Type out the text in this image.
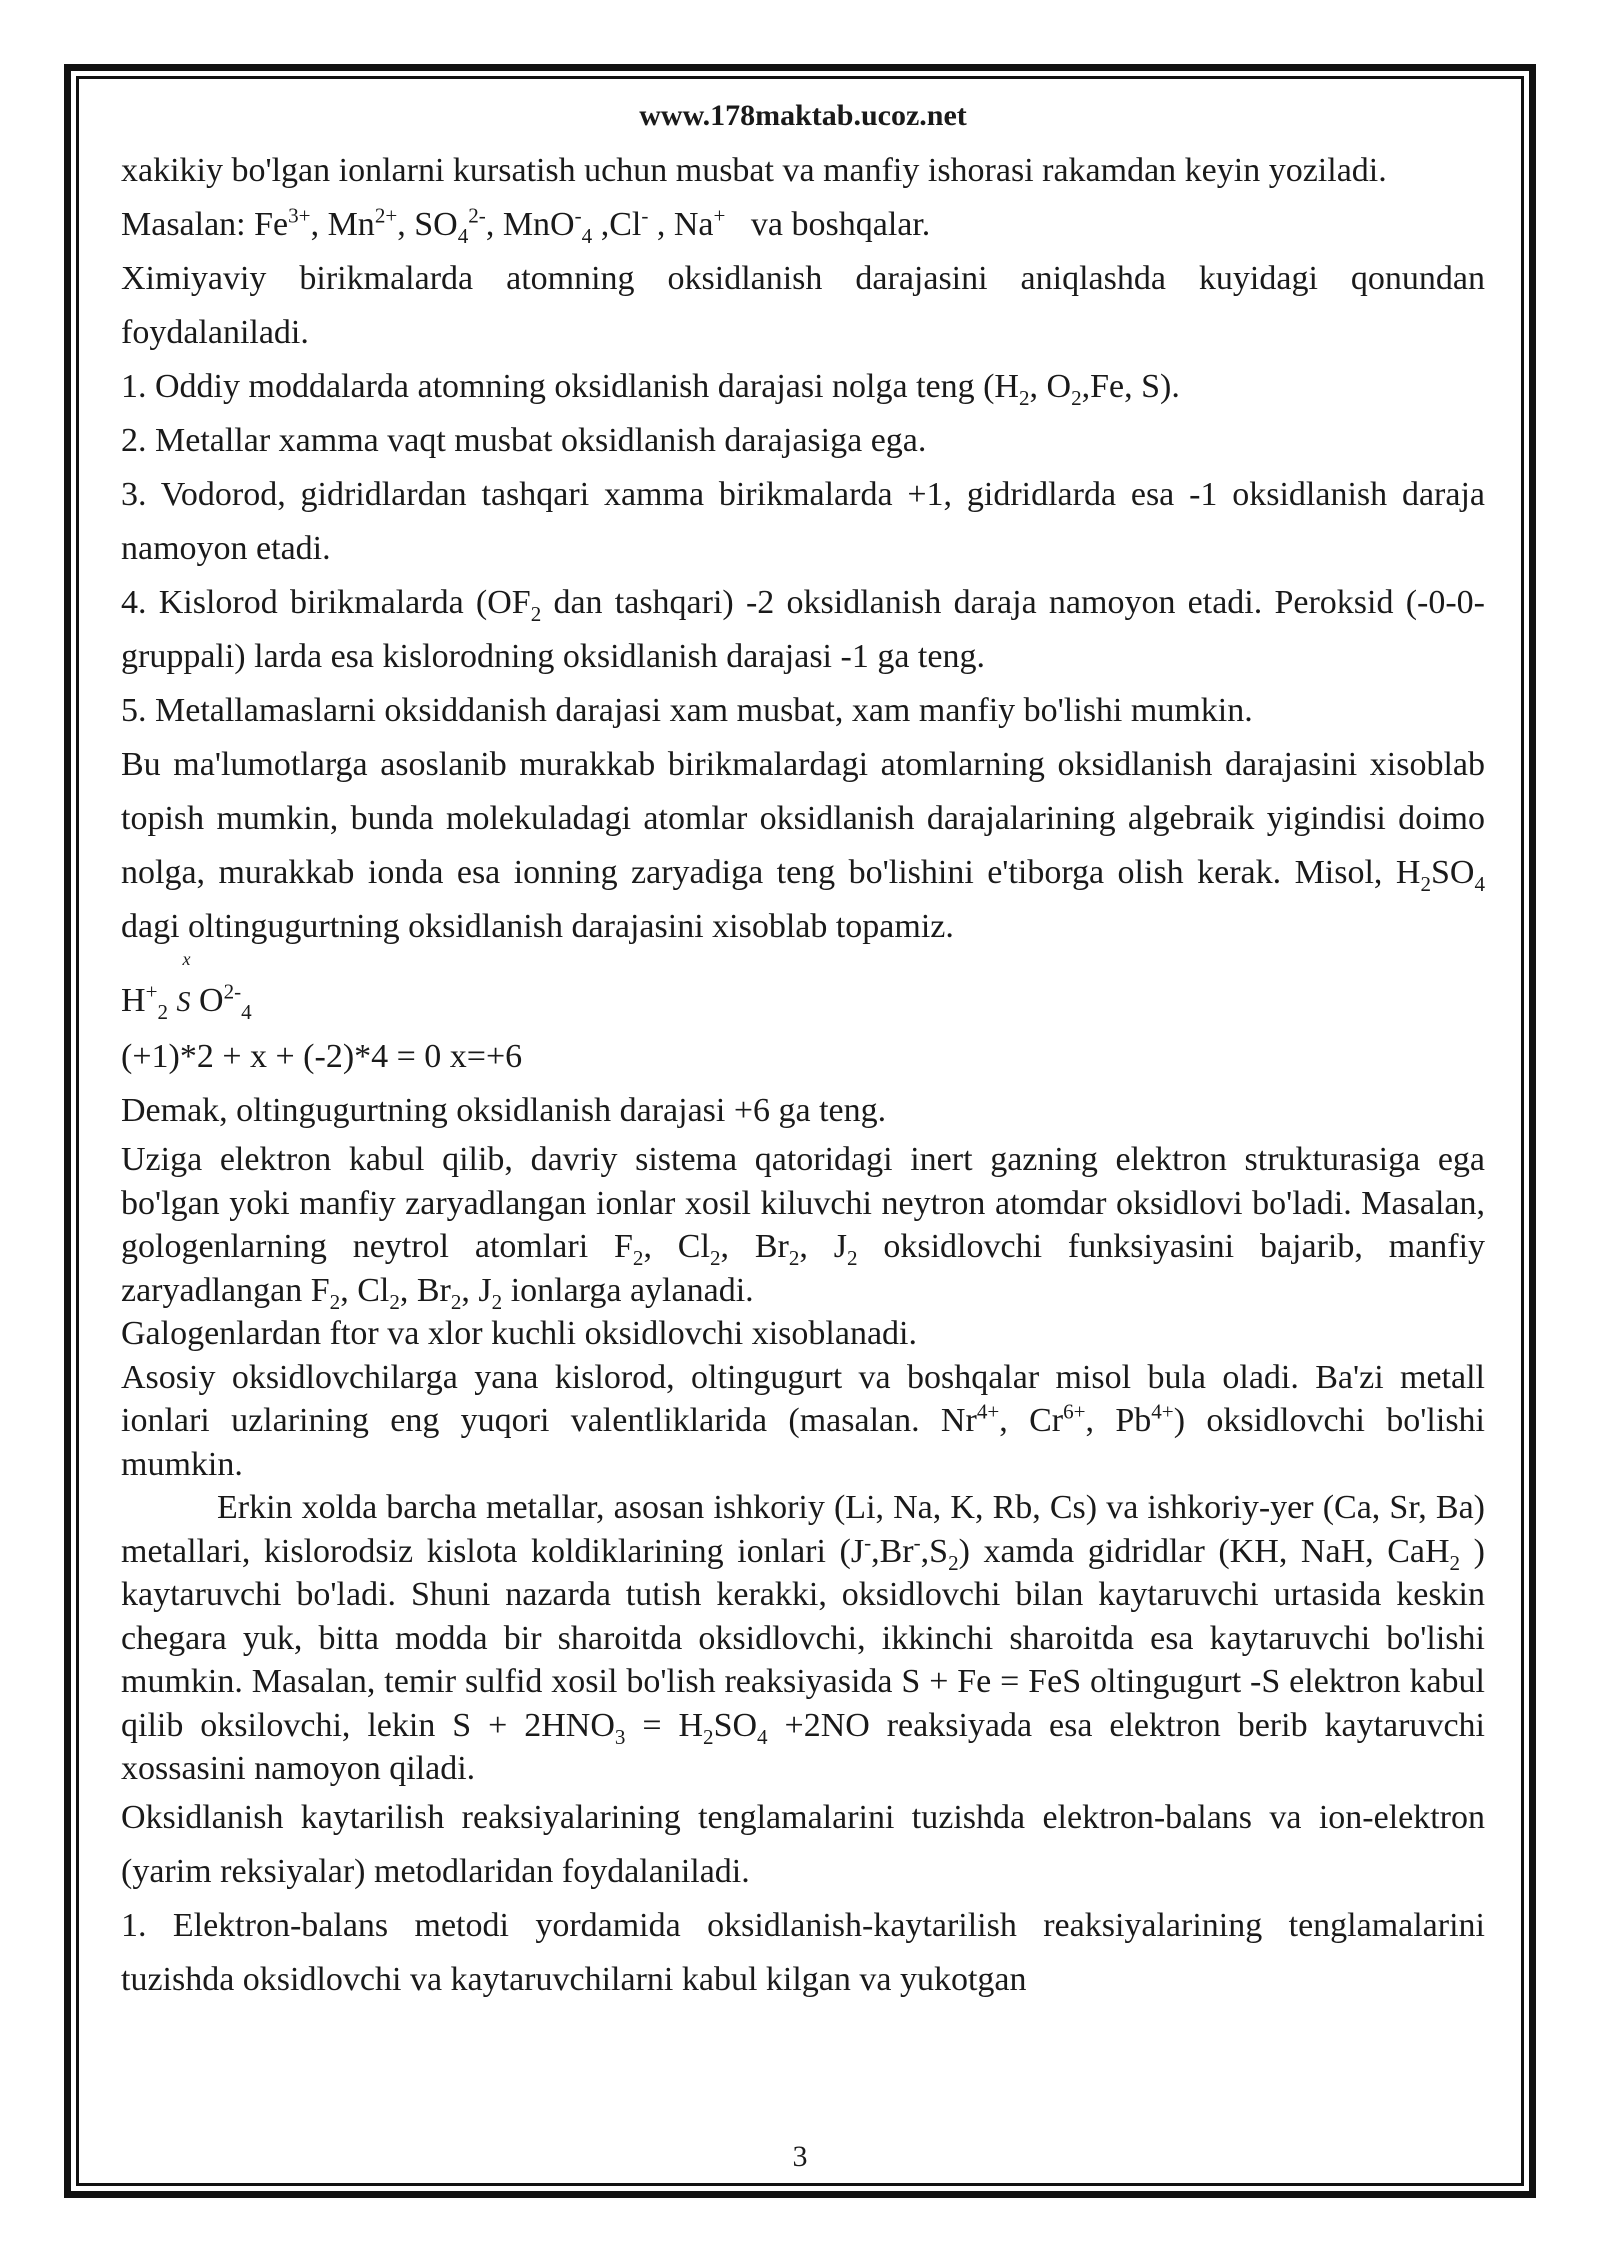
www.178maktab.ucoz.net

xakikiy bo'lgan ionlarni kursatish uchun musbat va manfiy ishorasi rakamdan keyin yoziladi.

Masalan: $Fe^{3+}$, $Mn^{2+}$, $SO_4^{2-}$, MnO-$_4$ ,Cl- , Na+ va boshqalar.

Ximiyaviy birikmalarda atomning oksidlanish darajasini aniqlashda kuyidagi qonundan foydalaniladi.

1. Oddiy moddalarda atomning oksidlanish darajasi nolga teng ($H_2$, $O_2,Fe$, S).

2. Metallar xamma vaqt musbat oksidlanish darajasiga ega.

3. Vodorod, gidridlardan tashqari xamma birikmalarda +1, gidridlarda esa -1 oksidlanish daraja namoyon etadi.

4. Kislorod birikmalarda ($OF_2$ dan tashqari) -2 oksidlanish daraja namoyon etadi. Peroksid (-0-0-gruppali) larda esa kislorodning oksidlanish darajasi -1 ga teng.

5. Metallamaslarni oksiddanish darajasi xam musbat, xam manfiy bo'lishi mumkin.

Bu ma'lumotlarga asoslanib murakkab birikmalardagi atomlarning oksidlanish darajasini xisoblab topish mumkin, bunda molekuladagi atomlar oksidlanish darajalarining algebraik yigindisi doimo nolga, murakkab ionda esa ionning zaryadiga teng bo'lishini e'tiborga olish kerak. Misol, $H_2SO_4$ dagi oltingugurtning oksidlanish darajasini xisoblab topamiz.

$H^+_2$
x
S $O^{2-}_4$

(+1)*2 + x + (-2)*4 = 0 x=+6

Demak, oltingugurtning oksidlanish darajasi +6 ga teng.

Uziga elektron kabul qilib, davriy sistema qatoridagi inert gazning elektron strukturasiga ega bo'lgan yoki manfiy zaryadlangan ionlar xosil kiluvchi neytron atomdar oksidlovi bo'ladi. Masalan, gologenlarning neytrol atomlari $F_2$, $Cl_2$, $Br_2$, $J_2$ oksidlovchi funksiyasini bajarib, manfiy zaryadlangan $F_2$, $Cl_2$, $Br_2$, $J_2$ ionlarga aylanadi.

Galogenlardan ftor va xlor kuchli oksidlovchi xisoblanadi.

Asosiy oksidlovchilarga yana kislorod, oltingugurt va boshqalar misol bula oladi. Ba'zi metall ionlari uzlarining eng yuqori valentliklarida (masalan. $Nr^{4+}$, $Cr^{6+}$, $Pb^{4+}$) oksidlovchi bo'lishi mumkin.

Erkin xolda barcha metallar, asosan ishkoriy (Li, Na, K, Rb, Cs) va ishkoriy-yer (Ca, Sr, Ba) metallari, kislorodsiz kislota koldiklarining ionlari $(J^-,Br^-,S_2)$ xamda gidridlar (KH, NaH, CaH$_2$ ) kaytaruvchi bo'ladi. Shuni nazarda tutish kerakki, oksidlovchi bilan kaytaruvchi urtasida keskin chegara yuk, bitta modda bir sharoitda oksidlovchi, ikkinchi sharoitda esa kaytaruvchi bo'lishi mumkin. Masalan, temir sulfid xosil bo'lish reaksiyasida S + Fe = FeS oltingugurt -S elektron kabul qilib oksilovchi, lekin $S + 2HNO_3 = H_2SO_4 +2NO$ reaksiyada esa elektron berib kaytaruvchi xossasini namoyon qiladi.

Oksidlanish kaytarilish reaksiyalarining tenglamalarini tuzishda elektron-balans va ion-elektron (yarim reksiyalar) metodlaridan foydalaniladi.

1. Elektron-balans metodi yordamida oksidlanish-kaytarilish reaksiyalarining tenglamalarini tuzishda oksidlovchi va kaytaruvchilarni kabul kilgan va yukotgan

3
